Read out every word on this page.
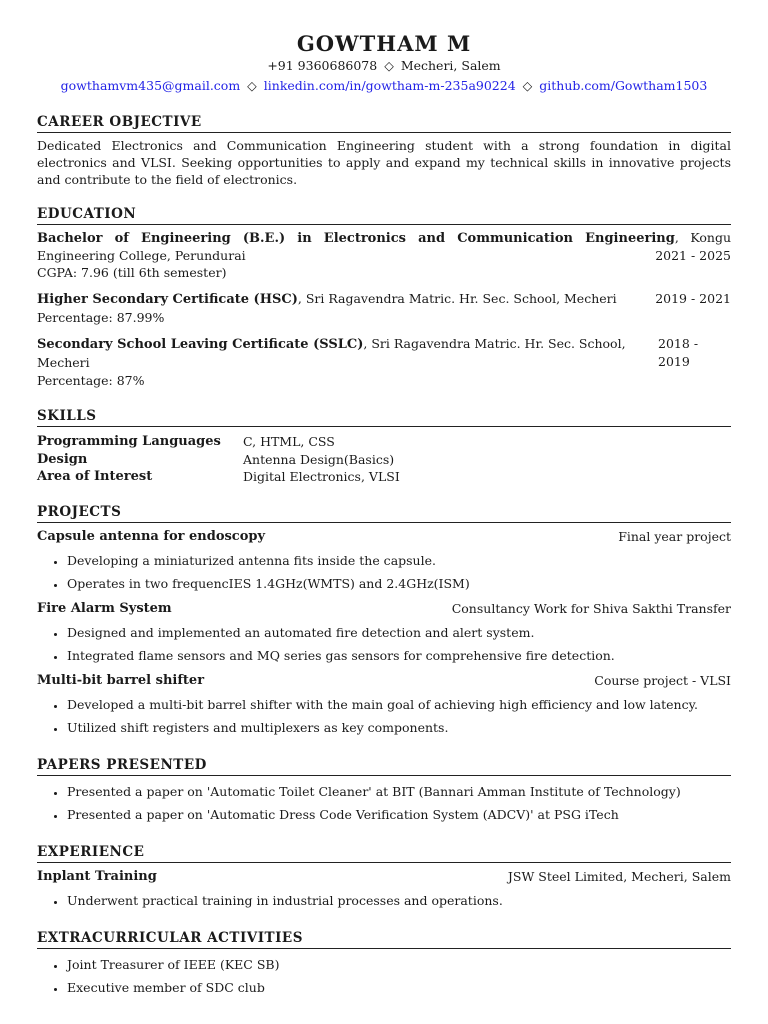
GOWTHAM M
+91 9360686078 ◇ Mecheri, Salem
gowthamvm435@gmail.com ◇ linkedin.com/in/gowtham-m-235a90224 ◇ github.com/Gowtham1503
CAREER OBJECTIVE
Dedicated Electronics and Communication Engineering student with a strong foundation in digital electronics and VLSI. Seeking opportunities to apply and expand my technical skills in innovative projects and contribute to the field of electronics.
EDUCATION
Bachelor of Engineering (B.E.) in Electronics and Communication Engineering, Kongu Engineering College, Perundurai	2021 - 2025
CGPA: 7.96 (till 6th semester)
Higher Secondary Certificate (HSC), Sri Ragavendra Matric. Hr. Sec. School, Mecheri	2019 - 2021
Percentage: 87.99%
Secondary School Leaving Certificate (SSLC), Sri Ragavendra Matric. Hr. Sec. School, Mecheri
2018 - 2019
Percentage: 87%
SKILLS
Programming Languages	C, HTML, CSS
Design	Antenna Design(Basics)
Area of Interest	Digital Electronics, VLSI
PROJECTS
Capsule antenna for endoscopy	Final year project
• Developing a miniaturized antenna fits inside the capsule.
• Operates in two frequencIES 1.4GHz(WMTS) and 2.4GHz(ISM)
Fire Alarm System	Consultancy Work for Shiva Sakthi Transfer
• Designed and implemented an automated fire detection and alert system.
• Integrated flame sensors and MQ series gas sensors for comprehensive fire detection.
Multi-bit barrel shifter	Course project - VLSI
• Developed a multi-bit barrel shifter with the main goal of achieving high efficiency and low latency.
• Utilized shift registers and multiplexers as key components.
PAPERS PRESENTED
• Presented a paper on 'Automatic Toilet Cleaner' at BIT (Bannari Amman Institute of Technology)
• Presented a paper on 'Automatic Dress Code Verification System (ADCV)' at PSG iTech
EXPERIENCE
Inplant Training	JSW Steel Limited, Mecheri, Salem
• Underwent practical training in industrial processes and operations.
EXTRACURRICULAR ACTIVITIES
• Joint Treasurer of IEEE (KEC SB)
• Executive member of SDC club
